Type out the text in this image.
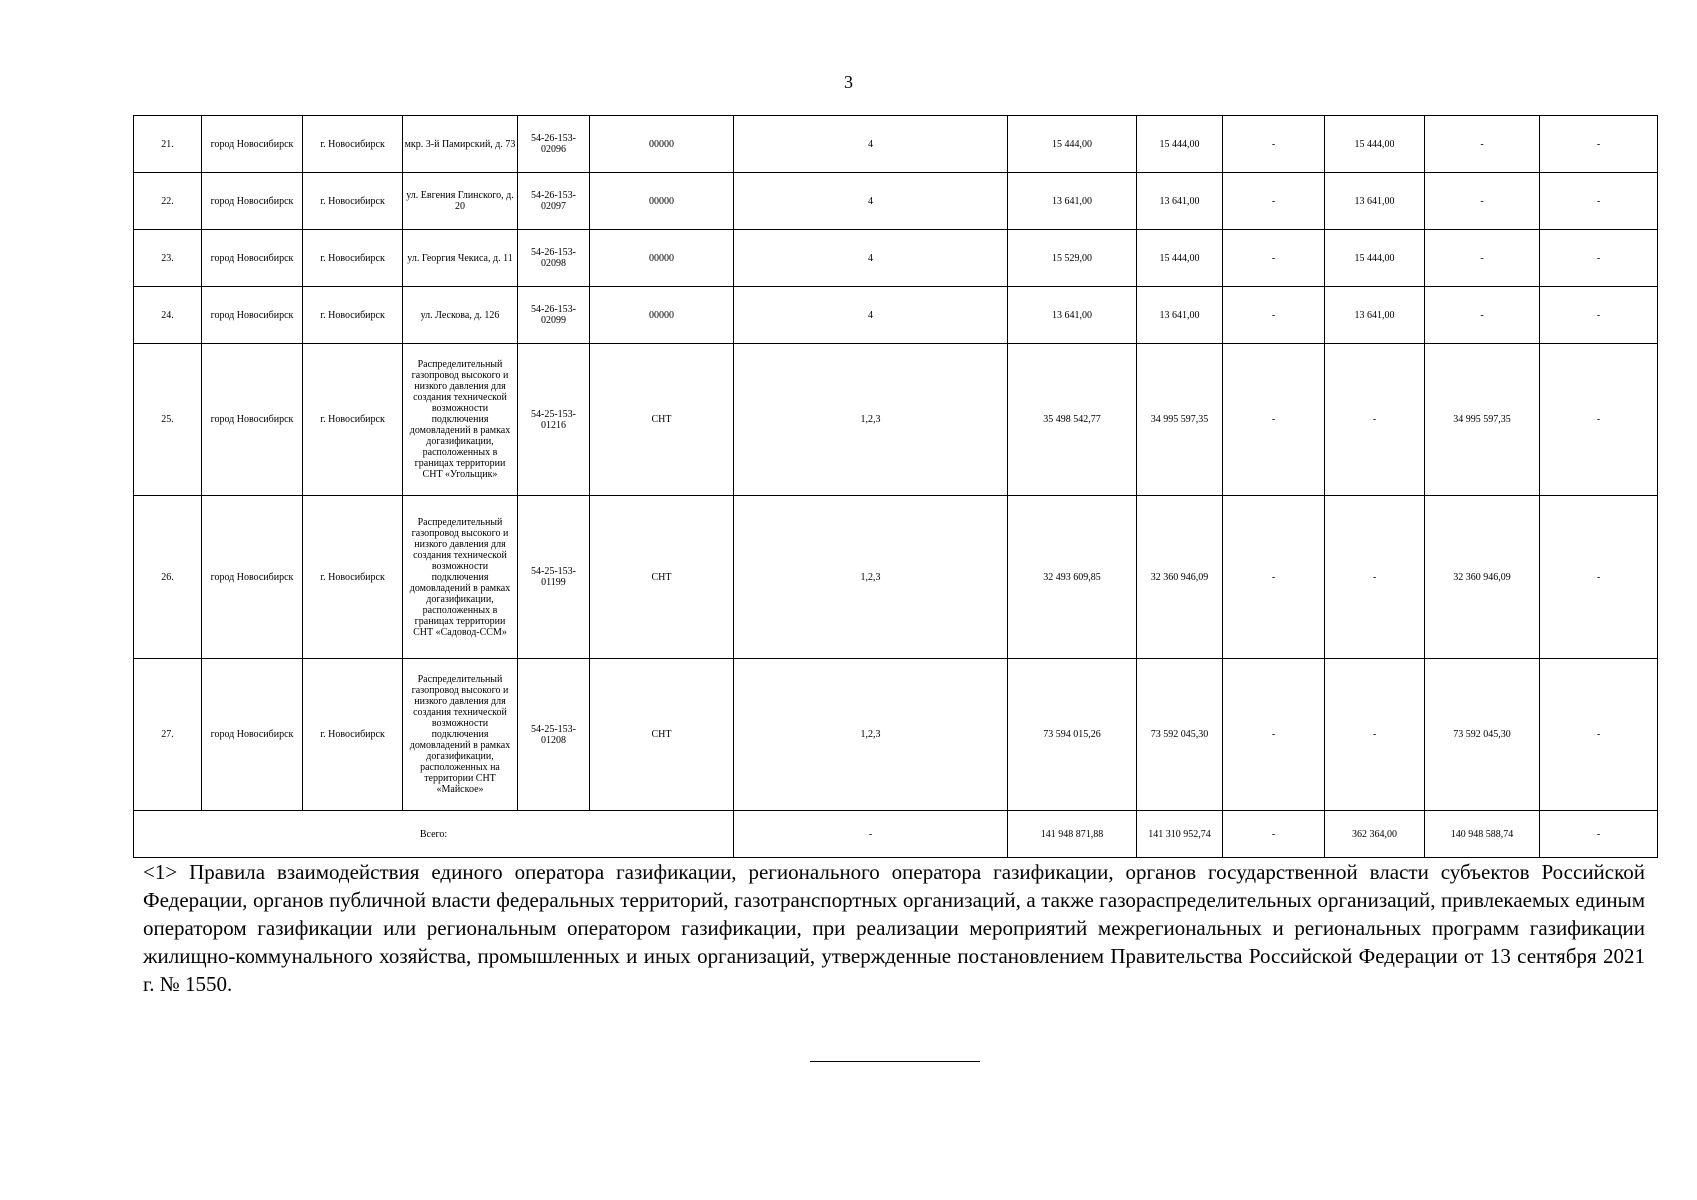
3
21.	город Новосибирск	г. Новосибирск	мкр. 3-й Памирский, д. 73	54-26-153-02096	00000	4	15 444,00	15 444,00	-	15 444,00	-	-
22.	город Новосибирск	г. Новосибирск	ул. Евгения Глинского, д. 20	54-26-153-02097	00000	4	13 641,00	13 641,00	-	13 641,00	-	-
23.	город Новосибирск	г. Новосибирск	ул. Георгия Чекиса, д. 11	54-26-153-02098	00000	4	15 529,00	15 444,00	-	15 444,00	-	-
24.	город Новосибирск	г. Новосибирск	ул. Лескова, д. 126	54-26-153-02099	00000	4	13 641,00	13 641,00	-	13 641,00	-	-
25.	город Новосибирск	г. Новосибирск	Распределительный газопровод высокого и низкого давления для создания технической возможности подключения домовладений в рамках догазификации, расположенных в границах территории СНТ «Угольщик»	54-25-153-01216	СНТ	1,2,3	35 498 542,77	34 995 597,35	-	-	34 995 597,35	-
26.	город Новосибирск	г. Новосибирск	Распределительный газопровод высокого и низкого давления для создания технической возможности подключения домовладений в рамках догазификации, расположенных в границах территории СНТ «Садовод-ССМ»	54-25-153-01199	СНТ	1,2,3	32 493 609,85	32 360 946,09	-	-	32 360 946,09	-
27.	город Новосибирск	г. Новосибирск	Распределительный газопровод высокого и низкого давления для создания технической возможности подключения домовладений в рамках догазификации, расположенных на территории СНТ «Майское»	54-25-153-01208	СНТ	1,2,3	73 594 015,26	73 592 045,30	-	-	73 592 045,30	-
Всего:						-	141 948 871,88	141 310 952,74	-	362 364,00	140 948 588,74	-
<1> Правила взаимодействия единого оператора газификации, регионального оператора газификации, органов государственной власти субъектов Российской Федерации, органов публичной власти федеральных территорий, газотранспортных организаций, а также газораспределительных организаций, привлекаемых единым оператором газификации или региональным оператором газификации, при реализации мероприятий межрегиональных и региональных программ газификации жилищно-коммунального хозяйства, промышленных и иных организаций, утвержденные постановлением Правительства Российской Федерации от 13 сентября 2021 г. № 1550.
